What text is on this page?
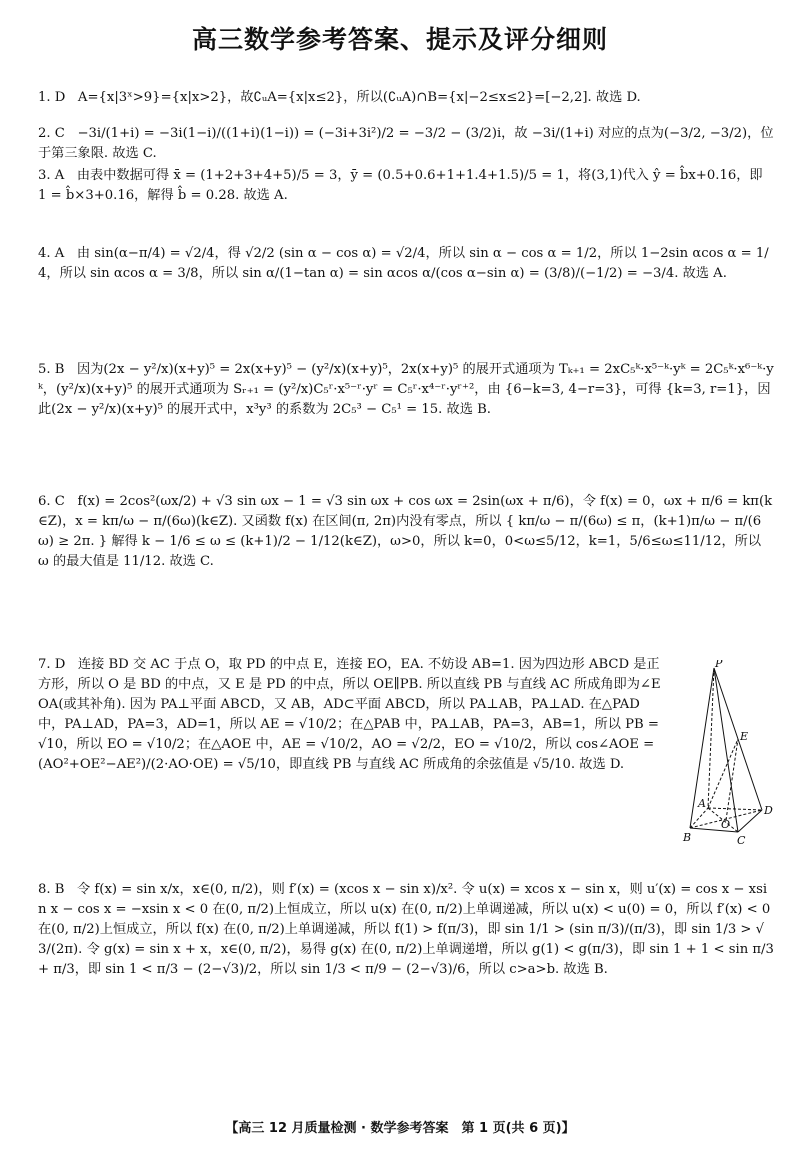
高三数学参考答案、提示及评分细则
1. D   A={x|3ˣ>9}={x|x>2}，故∁ᵤA={x|x≤2}，所以(∁ᵤA)∩B={x|−2≤x≤2}=[−2,2]. 故选 D.
2. C   −3i/(1+i) = −3i(1−i)/((1+i)(1−i)) = (−3i+3i²)/2 = −3/2 − (3/2)i，故 −3i/(1+i) 对应的点为(−3/2, −3/2)，位于第三象限. 故选 C.
3. A   由表中数据可得 x̄ = (1+2+3+4+5)/5 = 3，ȳ = (0.5+0.6+1+1.4+1.5)/5 = 1，将(3,1)代入 ŷ = b̂x+0.16，即 1 = b̂×3+0.16，解得 b̂ = 0.28. 故选 A.
4. A   由 sin(α−π/4) = √2/4，得 √2/2 (sin α − cos α) = √2/4，所以 sin α − cos α = 1/2，所以 1−2sin αcos α = 1/4，所以 sin αcos α = 3/8，所以 sin α/(1−tan α) = sin αcos α/(cos α−sin α) = (3/8)/(−1/2) = −3/4. 故选 A.
5. B   因为(2x − y²/x)(x+y)⁵ = 2x(x+y)⁵ − (y²/x)(x+y)⁵，2x(x+y)⁵ 的展开式通项为 Tₖ₊₁ = 2xC₅ᵏ·x⁵⁻ᵏ·yᵏ = 2C₅ᵏ·x⁶⁻ᵏ·yᵏ，(y²/x)(x+y)⁵ 的展开式通项为 Sᵣ₊₁ = (y²/x)C₅ʳ·x⁵⁻ʳ·yʳ = C₅ʳ·x⁴⁻ʳ·yʳ⁺²，由 {6−k=3, 4−r=3}，可得 {k=3, r=1}，因此(2x − y²/x)(x+y)⁵ 的展开式中，x³y³ 的系数为 2C₅³ − C₅¹ = 15. 故选 B.
6. C   f(x) = 2cos²(ωx/2) + √3 sin ωx − 1 = √3 sin ωx + cos ωx = 2sin(ωx + π/6)，令 f(x) = 0，ωx + π/6 = kπ(k∈Z)，x = kπ/ω − π/(6ω)(k∈Z). 又函数 f(x) 在区间(π, 2π)内没有零点，所以 { kπ/ω − π/(6ω) ≤ π，(k+1)π/ω − π/(6ω) ≥ 2π. } 解得 k − 1/6 ≤ ω ≤ (k+1)/2 − 1/12(k∈Z)，ω>0，所以 k=0，0<ω≤5/12，k=1，5/6≤ω≤11/12，所以 ω 的最大值是 11/12. 故选 C.
7. D   连接 BD 交 AC 于点 O，取 PD 的中点 E，连接 EO，EA. 不妨设 AB=1. 因为四边形 ABCD 是正方形，所以 O 是 BD 的中点，又 E 是 PD 的中点，所以 OE∥PB. 所以直线 PB 与直线 AC 所成角即为∠EOA(或其补角). 因为 PA⊥平面 ABCD，又 AB，AD⊂平面 ABCD，所以 PA⊥AB，PA⊥AD. 在△PAD 中，PA⊥AD，PA=3，AD=1，所以 AE = √10/2；在△PAB 中，PA⊥AB，PA=3，AB=1，所以 PB = √10，所以 EO = √10/2；在△AOE 中，AE = √10/2，AO = √2/2，EO = √10/2，所以 cos∠AOE = (AO²+OE²−AE²)/(2·AO·OE) = √5/10，即直线 PB 与直线 AC 所成角的余弦值是 √5/10. 故选 D.
8. B   令 f(x) = sin x/x，x∈(0, π/2)，则 f′(x) = (xcos x − sin x)/x². 令 u(x) = xcos x − sin x，则 u′(x) = cos x − xsin x − cos x = −xsin x < 0 在(0, π/2)上恒成立，所以 u(x) 在(0, π/2)上单调递减，所以 u(x) < u(0) = 0，所以 f′(x) < 0 在(0, π/2)上恒成立，所以 f(x) 在(0, π/2)上单调递减，所以 f(1) > f(π/3)，即 sin 1/1 > (sin π/3)/(π/3)，即 sin 1/3 > √3/(2π). 令 g(x) = sin x + x，x∈(0, π/2)，易得 g(x) 在(0, π/2)上单调递增，所以 g(1) < g(π/3)，即 sin 1 + 1 < sin π/3 + π/3，即 sin 1 < π/3 − (2−√3)/2，所以 sin 1/3 < π/9 − (2−√3)/6，所以 c>a>b. 故选 B.
P
E
A
O
D
B	C
【高三 12 月质量检测 · 数学参考答案　第 1 页(共 6 页)】
